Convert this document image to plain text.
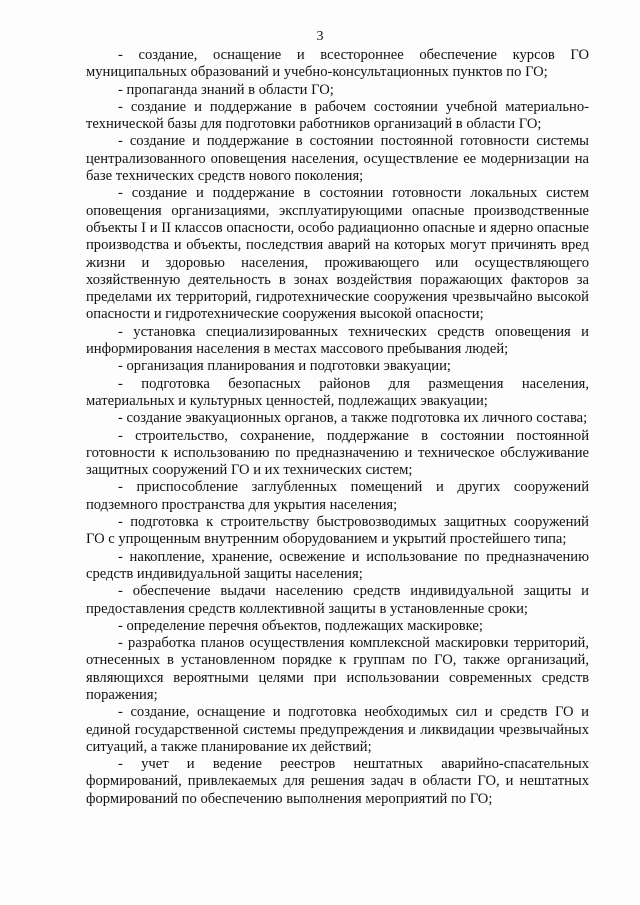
3

- создание, оснащение и всестороннее обеспечение курсов ГО муниципальных образований и учебно-консультационных пунктов по ГО;

- пропаганда знаний в области ГО;

- создание и поддержание в рабочем состоянии учебной материально-технической базы для подготовки работников организаций в области ГО;

- создание и поддержание в состоянии постоянной готовности системы централизованного оповещения населения, осуществление ее модернизации на базе технических средств нового поколения;

- создание и поддержание в состоянии готовности локальных систем оповещения организациями, эксплуатирующими опасные производственные объекты I и II классов опасности, особо радиационно опасные и ядерно опасные производства и объекты, последствия аварий на которых могут причинять вред жизни и здоровью населения, проживающего или осуществляющего хозяйственную деятельность в зонах воздействия поражающих факторов за пределами их территорий, гидротехнические сооружения чрезвычайно высокой опасности и гидротехнические сооружения высокой опасности;

- установка специализированных технических средств оповещения и информирования населения в местах массового пребывания людей;

- организация планирования и подготовки эвакуации;

- подготовка безопасных районов для размещения населения, материальных и культурных ценностей, подлежащих эвакуации;

- создание эвакуационных органов, а также подготовка их личного состава;

- строительство, сохранение, поддержание в состоянии постоянной готовности к использованию по предназначению и техническое обслуживание защитных сооружений ГО и их технических систем;

- приспособление заглубленных помещений и других сооружений подземного пространства для укрытия населения;

- подготовка к строительству быстровозводимых защитных сооружений ГО с упрощенным внутренним оборудованием и укрытий простейшего типа;

- накопление, хранение, освежение и использование по предназначению средств индивидуальной защиты населения;

- обеспечение выдачи населению средств индивидуальной защиты и предоставления средств коллективной защиты в установленные сроки;

- определение перечня объектов, подлежащих маскировке;

- разработка планов осуществления комплексной маскировки территорий, отнесенных в установленном порядке к группам по ГО, также организаций, являющихся вероятными целями при использовании современных средств поражения;

- создание, оснащение и подготовка необходимых сил и средств ГО и единой государственной системы предупреждения и ликвидации чрезвычайных ситуаций, а также планирование их действий;

- учет и ведение реестров нештатных аварийно-спасательных формирований, привлекаемых для решения задач в области ГО, и нештатных формирований по обеспечению выполнения мероприятий по ГО;
